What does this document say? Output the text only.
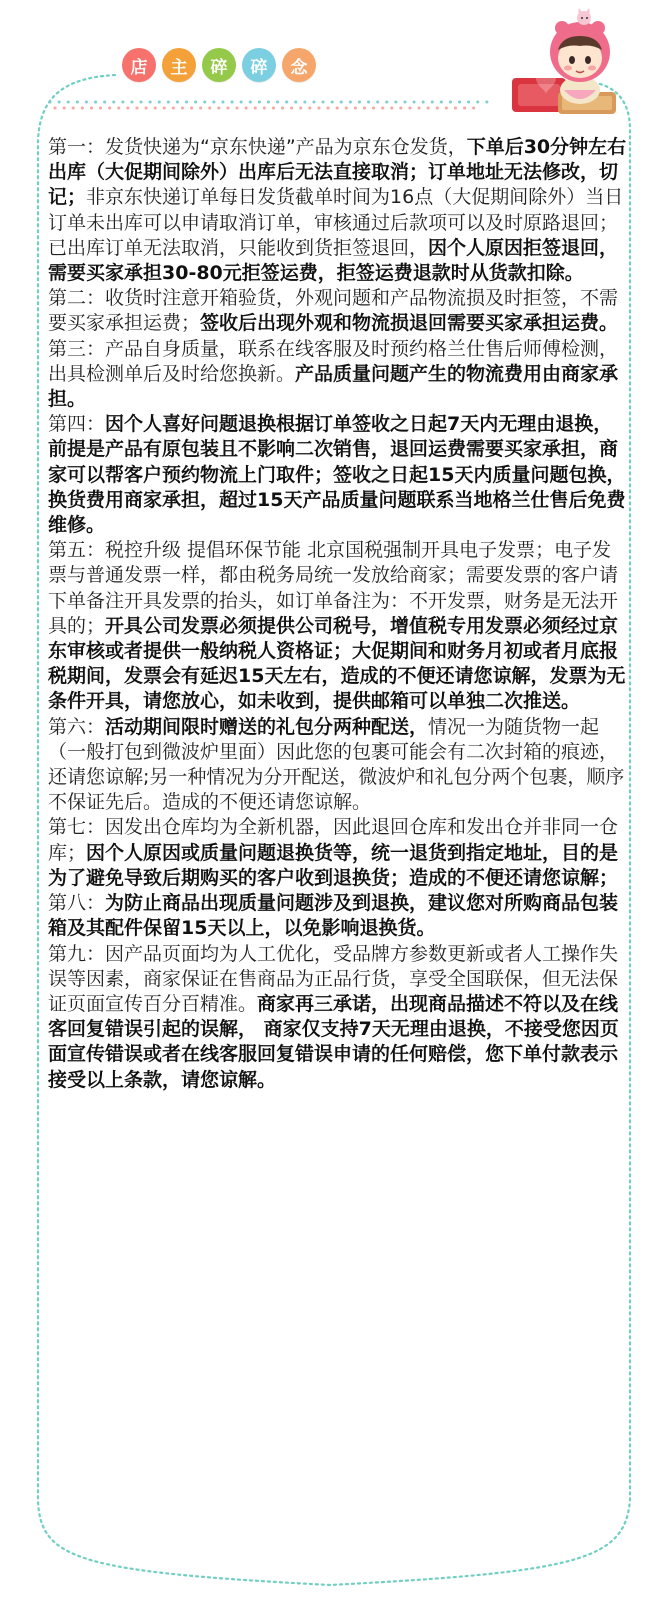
店	主	碎	碎	念

第一：发货快递为“京东快递”产品为京东仓发货，下单后30分钟左右出库（大促期间除外）出库后无法直接取消；订单地址无法修改，切记；非京东快递订单每日发货截单时间为16点（大促期间除外）当日订单未出库可以申请取消订单，审核通过后款项可以及时原路退回；已出库订单无法取消，只能收到货拒签退回，因个人原因拒签退回，需要买家承担30-80元拒签运费，拒签运费退款时从货款扣除。

第二：收货时注意开箱验货，外观问题和产品物流损及时拒签，不需要买家承担运费；签收后出现外观和物流损退回需要买家承担运费。

第三：产品自身质量，联系在线客服及时预约格兰仕售后师傅检测，出具检测单后及时给您换新。产品质量问题产生的物流费用由商家承担。

第四：因个人喜好问题退换根据订单签收之日起7天内无理由退换，前提是产品有原包装且不影响二次销售，退回运费需要买家承担，商家可以帮客户预约物流上门取件；签收之日起15天内质量问题包换，换货费用商家承担，超过15天产品质量问题联系当地格兰仕售后免费维修。

第五：税控升级 提倡环保节能 北京国税强制开具电子发票；电子发票与普通发票一样，都由税务局统一发放给商家；需要发票的客户请下单备注开具发票的抬头，如订单备注为：不开发票，财务是无法开具的；开具公司发票必须提供公司税号，增值税专用发票必须经过京东审核或者提供一般纳税人资格证；大促期间和财务月初或者月底报税期间，发票会有延迟15天左右，造成的不便还请您谅解，发票为无条件开具，请您放心，如未收到，提供邮箱可以单独二次推送。

第六：活动期间限时赠送的礼包分两种配送，情况一为随货物一起（一般打包到微波炉里面）因此您的包裹可能会有二次封箱的痕迹，还请您谅解;另一种情况为分开配送，微波炉和礼包分两个包裹，顺序不保证先后。造成的不便还请您谅解。

第七：因发出仓库均为全新机器，因此退回仓库和发出仓并非同一仓库；因个人原因或质量问题退换货等，统一退货到指定地址，目的是为了避免导致后期购买的客户收到退换货；造成的不便还请您谅解；

第八：为防止商品出现质量问题涉及到退换，建议您对所购商品包装箱及其配件保留15天以上，以免影响退换货。

第九：因产品页面均为人工优化，受品牌方参数更新或者人工操作失误等因素，商家保证在售商品为正品行货，享受全国联保，但无法保证页面宣传百分百精准。商家再三承诺，出现商品描述不符以及在线客回复错误引起的误解， 商家仅支持7天无理由退换，不接受您因页面宣传错误或者在线客服回复错误申请的任何赔偿，您下单付款表示接受以上条款，请您谅解。
